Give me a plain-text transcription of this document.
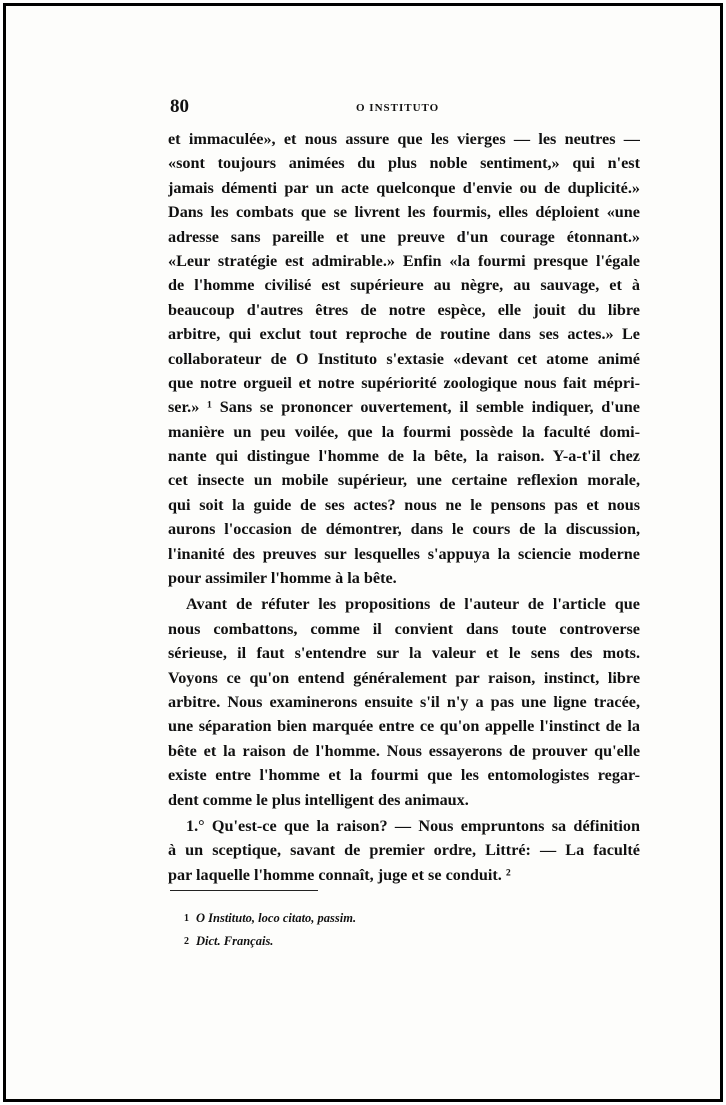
80	O INSTITUTO
et immaculée», et nous assure que les vierges — les neutres —
«sont toujours animées du plus noble sentiment,» qui n'est
jamais démenti par un acte quelconque d'envie ou de duplicité.»
Dans les combats que se livrent les fourmis, elles déploient «une
adresse sans pareille et une preuve d'un courage étonnant.»
«Leur stratégie est admirable.» Enfin «la fourmi presque l'égale
de l'homme civilisé est supérieure au nègre, au sauvage, et à
beaucoup d'autres êtres de notre espèce, elle jouit du libre
arbitre, qui exclut tout reproche de routine dans ses actes.» Le
collaborateur de O Instituto s'extasie «devant cet atome animé
que notre orgueil et notre supériorité zoologique nous fait mépri-
ser.» ¹ Sans se prononcer ouvertement, il semble indiquer, d'une
manière un peu voilée, que la fourmi possède la faculté domi-
nante qui distingue l'homme de la bête, la raison. Y-a-t'il chez
cet insecte un mobile supérieur, une certaine reflexion morale,
qui soit la guide de ses actes? nous ne le pensons pas et nous
aurons l'occasion de démontrer, dans le cours de la discussion,
l'inanité des preuves sur lesquelles s'appuya la sciencie moderne
pour assimiler l'homme à la bête.
Avant de réfuter les propositions de l'auteur de l'article que
nous combattons, comme il convient dans toute controverse
sérieuse, il faut s'entendre sur la valeur et le sens des mots.
Voyons ce qu'on entend généralement par raison, instinct, libre
arbitre. Nous examinerons ensuite s'il n'y a pas une ligne tracée,
une séparation bien marquée entre ce qu'on appelle l'instinct de la
bête et la raison de l'homme. Nous essayerons de prouver qu'elle
existe entre l'homme et la fourmi que les entomologistes regar-
dent comme le plus intelligent des animaux.
1.° Qu'est-ce que la raison? — Nous empruntons sa définition
à un sceptique, savant de premier ordre, Littré: — La faculté
par laquelle l'homme connaît, juge et se conduit. ²
1 O Instituto, loco citato, passim.
2 Dict. Français.
